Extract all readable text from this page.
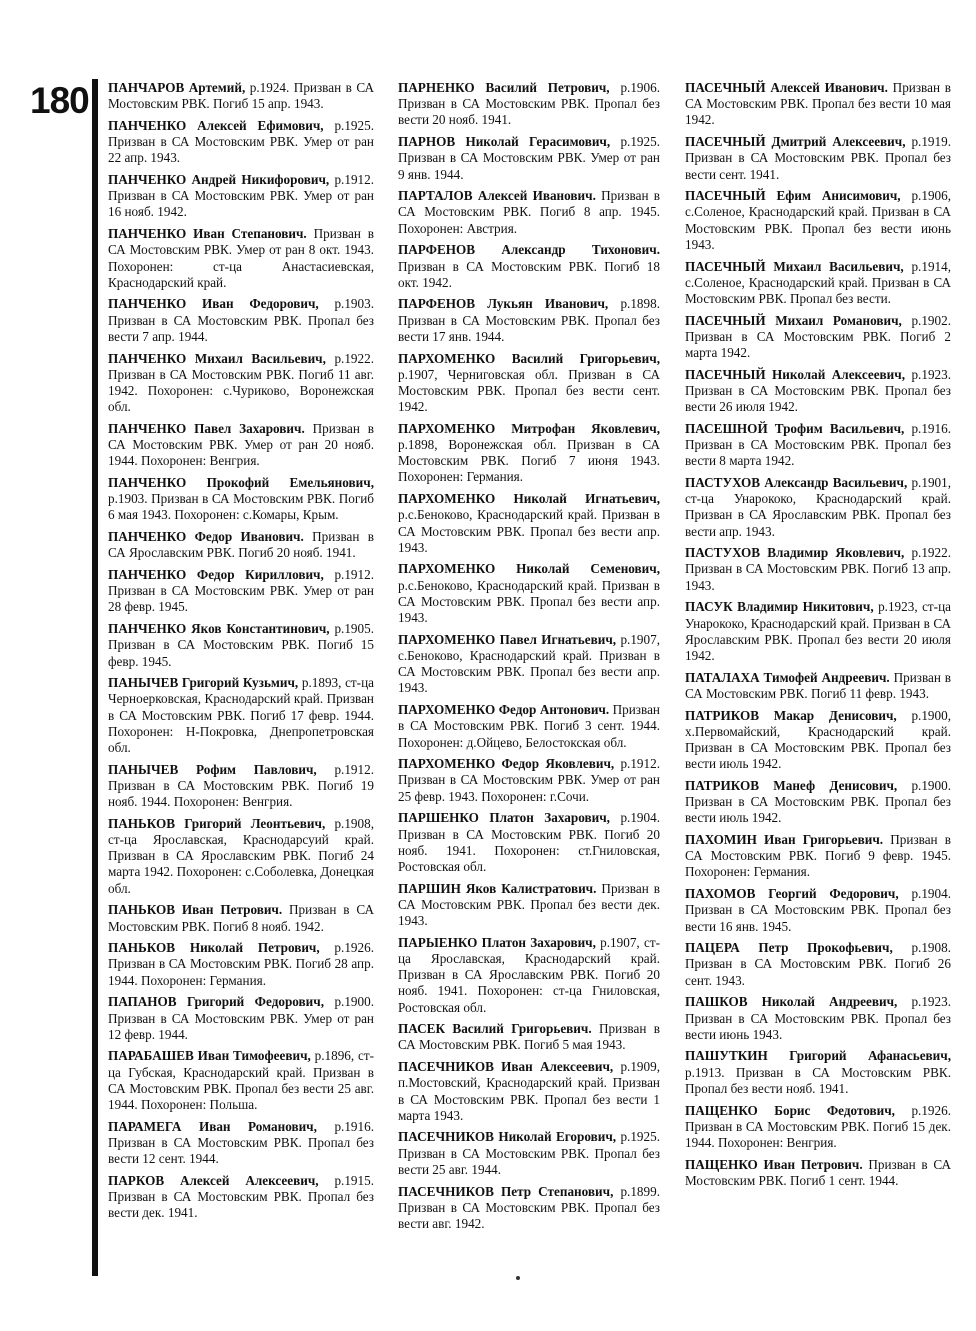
180 ПАНЧАРОВ Артемий, р.1924. Призван в СА Мостовским РВК. Погиб 15 апр. 1943.

ПАНЧЕНКО Алексей Ефимович, р.1925. Призван в СА Мостовским РВК. Умер от ран 22 апр. 1943.

ПАНЧЕНКО Андрей Никифорович, р.1912. Призван в СА Мостовским РВК. Умер от ран 16 нояб. 1942.

ПАНЧЕНКО Иван Степанович. Призван в СА Мостовским РВК. Умер от ран 8 окт. 1943. Похоронен: ст-ца Анастасиевская, Краснодарский край.

ПАНЧЕНКО Иван Федорович, р.1903. Призван в СА Мостовским РВК. Пропал без вести 7 апр. 1944.

ПАНЧЕНКО Михаил Васильевич, р.1922. Призван в СА Мостовским РВК. Погиб 11 авг. 1942. Похоронен: с.Чуриково, Воронежская обл.

ПАНЧЕНКО Павел Захарович. Призван в СА Мостовским РВК. Умер от ран 20 нояб. 1944. Похоронен: Венгрия.

ПАНЧЕНКО Прокофий Емельянович, р.1903. Призван в СА Мостовским РВК. Погиб 6 мая 1943. Похоронен: с.Комары, Крым.

ПАНЧЕНКО Федор Иванович. Призван в СА Ярославским РВК. Погиб 20 нояб. 1941.

ПАНЧЕНКО Федор Кириллович, р.1912. Призван в СА Мостовским РВК. Умер от ран 28 февр. 1945.

ПАНЧЕНКО Яков Константинович, р.1905. Призван в СА Мостовским РВК. Погиб 15 февр. 1945.

ПАНЫЧЕВ Григорий Кузьмич, р.1893, ст-ца Черноерковская, Краснодарский край. Призван в СА Мостовским РВК. Погиб 17 февр. 1944. Похоронен: Н-Покровка, Днепропетровская обл.

ПАНЫЧЕВ Рофим Павлович, р.1912. Призван в СА Мостовским РВК. Погиб 19 нояб. 1944. Похоронен: Венгрия.

ПАНЬКОВ Григорий Леонтьевич, р.1908, ст-ца Ярославская, Краснодарсуий край. Призван в СА Ярославским РВК. Погиб 24 марта 1942. Похоронен: с.Соболевка, Донецкая обл.

ПАНЬКОВ Иван Петрович. Призван в СА Мостовским РВК. Погиб 8 нояб. 1942.

ПАНЬКОВ Николай Петрович, р.1926. Призван в СА Мостовским РВК. Погиб 28 апр. 1944. Похоронен: Германия.

ПАПАНОВ Григорий Федорович, р.1900. Призван в СА Мостовским РВК. Умер от ран 12 февр. 1944.

ПАРАБАШЕВ Иван Тимофеевич, р.1896, ст-ца Губская, Краснодарский край. Призван в СА Мостовским РВК. Пропал без вести 25 авг. 1944. Похоронен: Польша.

ПАРАМЕГА Иван Романович, р.1916. Призван в СА Мостовским РВК. Пропал без вести 12 сент. 1944.

ПАРКОВ Алексей Алексеевич, р.1915. Призван в СА Мостовским РВК. Пропал без вести дек. 1941.

ПАРНЕНКО Василий Петрович, р.1906. Призван в СА Мостовским РВК. Пропал без вести 20 нояб. 1941.

ПАРНОВ Николай Герасимович, р.1925. Призван в СА Мостовским РВК. Умер от ран 9 янв. 1944.

ПАРТАЛОВ Алексей Иванович. Призван в СА Мостовским РВК. Погиб 8 апр. 1945. Похоронен: Австрия.

ПАРФЕНОВ Александр Тихонович. Призван в СА Мостовским РВК. Погиб 18 окт. 1942.

ПАРФЕНОВ Лукьян Иванович, р.1898. Призван в СА Мостовским РВК. Пропал без вести 17 янв. 1944.

ПАРХОМЕНКО Василий Григорьевич, р.1907, Черниговская обл. Призван в СА Мостовским РВК. Пропал без вести сент. 1942.

ПАРХОМЕНКО Митрофан Яковлевич, р.1898, Воронежская обл. Призван в СА Мостовским РВК. Погиб 7 июня 1943. Похоронен: Германия.

ПАРХОМЕНКО Николай Игнатьевич, р.с.Беноково, Краснодарский край. Призван в СА Мостовским РВК. Пропал без вести апр. 1943.

ПАРХОМЕНКО Николай Семенович, р.с.Беноково, Краснодарский край. Призван в СА Мостовским РВК. Пропал без вести апр. 1943.

ПАРХОМЕНКО Павел Игнатьевич, р.1907, с.Беноково, Краснодарский край. Призван в СА Мостовским РВК. Пропал без вести апр. 1943.

ПАРХОМЕНКО Федор Антонович. Призван в СА Мостовским РВК. Погиб 3 сент. 1944. Похоронен: д.Ойцево, Белостокская обл.

ПАРХОМЕНКО Федор Яковлевич, р.1912. Призван в СА Мостовским РВК. Умер от ран 25 февр. 1943. Похоронен: г.Сочи.

ПАРШЕНКО Платон Захарович, р.1904. Призван в СА Мостовским РВК. Погиб 20 нояб. 1941. Похоронен: ст.Гниловская, Ростовская обл.

ПАРШИН Яков Калистратович. Призван в СА Мостовским РВК. Пропал без вести дек. 1943.

ПАРЫЕНКО Платон Захарович, р.1907, ст-ца Ярославская, Краснодарский край. Призван в СА Ярославским РВК. Погиб 20 нояб. 1941. Похоронен: ст-ца Гниловская, Ростовская обл.

ПАСЕК Василий Григорьевич. Призван в СА Мостовским РВК. Погиб 5 мая 1943.

ПАСЕЧНИКОВ Иван Алексеевич, р.1909, п.Мостовский, Краснодарский край. Призван в СА Мостовским РВК. Пропал без вести 1 марта 1943.

ПАСЕЧНИКОВ Николай Егорович, р.1925. Призван в СА Мостовским РВК. Пропал без вести 25 авг. 1944.

ПАСЕЧНИКОВ Петр Степанович, р.1899. Призван в СА Мостовским РВК. Пропал без вести авг. 1942.

ПАСЕЧНЫЙ Алексей Иванович. Призван в СА Мостовским РВК. Пропал без вести 10 мая 1942.

ПАСЕЧНЫЙ Дмитрий Алексеевич, р.1919. Призван в СА Мостовским РВК. Пропал без вести сент. 1941.

ПАСЕЧНЫЙ Ефим Анисимович, р.1906, с.Соленое, Краснодарский край. Призван в СА Мостовским РВК. Пропал без вести июнь 1943.

ПАСЕЧНЫЙ Михаил Васильевич, р.1914, с.Соленое, Краснодарский край. Призван в СА Мостовским РВК. Пропал без вести.

ПАСЕЧНЫЙ Михаил Романович, р.1902. Призван в СА Мостовским РВК. Погиб 2 марта 1942.

ПАСЕЧНЫЙ Николай Алексеевич, р.1923. Призван в СА Мостовским РВК. Пропал без вести 26 июля 1942.

ПАСЕШНОЙ Трофим Васильевич, р.1916. Призван в СА Мостовским РВК. Пропал без вести 8 марта 1942.

ПАСТУХОВ Александр Васильевич, р.1901, ст-ца Унарококо, Краснодарский край. Призван в СА Ярославским РВК. Пропал без вести апр. 1943.

ПАСТУХОВ Владимир Яковлевич, р.1922. Призван в СА Мостовским РВК. Погиб 13 апр. 1943.

ПАСУК Владимир Никитович, р.1923, ст-ца Унарококо, Краснодарский край. Призван в СА Ярославским РВК. Пропал без вести 20 июля 1942.

ПАТАЛАХА Тимофей Андреевич. Призван в СА Мостовским РВК. Погиб 11 февр. 1943.

ПАТРИКОВ Макар Денисович, р.1900, х.Первомайский, Краснодарский край. Призван в СА Мостовским РВК. Пропал без вести июль 1942.

ПАТРИКОВ Манеф Денисович, р.1900. Призван в СА Мостовским РВК. Пропал без вести июль 1942.

ПАХОМИН Иван Григорьевич. Призван в СА Мостовским РВК. Погиб 9 февр. 1945. Похоронен: Германия.

ПАХОМОВ Георгий Федорович, р.1904. Призван в СА Мостовским РВК. Пропал без вести 16 янв. 1945.

ПАЦЕРА Петр Прокофьевич, р.1908. Призван в СА Мостовским РВК. Погиб 26 сент. 1943.

ПАШКОВ Николай Андреевич, р.1923. Призван в СА Мостовским РВК. Пропал без вести июнь 1943.

ПАШУТКИН Григорий Афанасьевич, р.1913. Призван в СА Мостовским РВК. Пропал без вести нояб. 1941.

ПАЩЕНКО Борис Федотович, р.1926. Призван в СА Мостовским РВК. Погиб 15 дек. 1944. Похоронен: Венгрия.

ПАЩЕНКО Иван Петрович. Призван в СА Мостовским РВК. Погиб 1 сент. 1944.
